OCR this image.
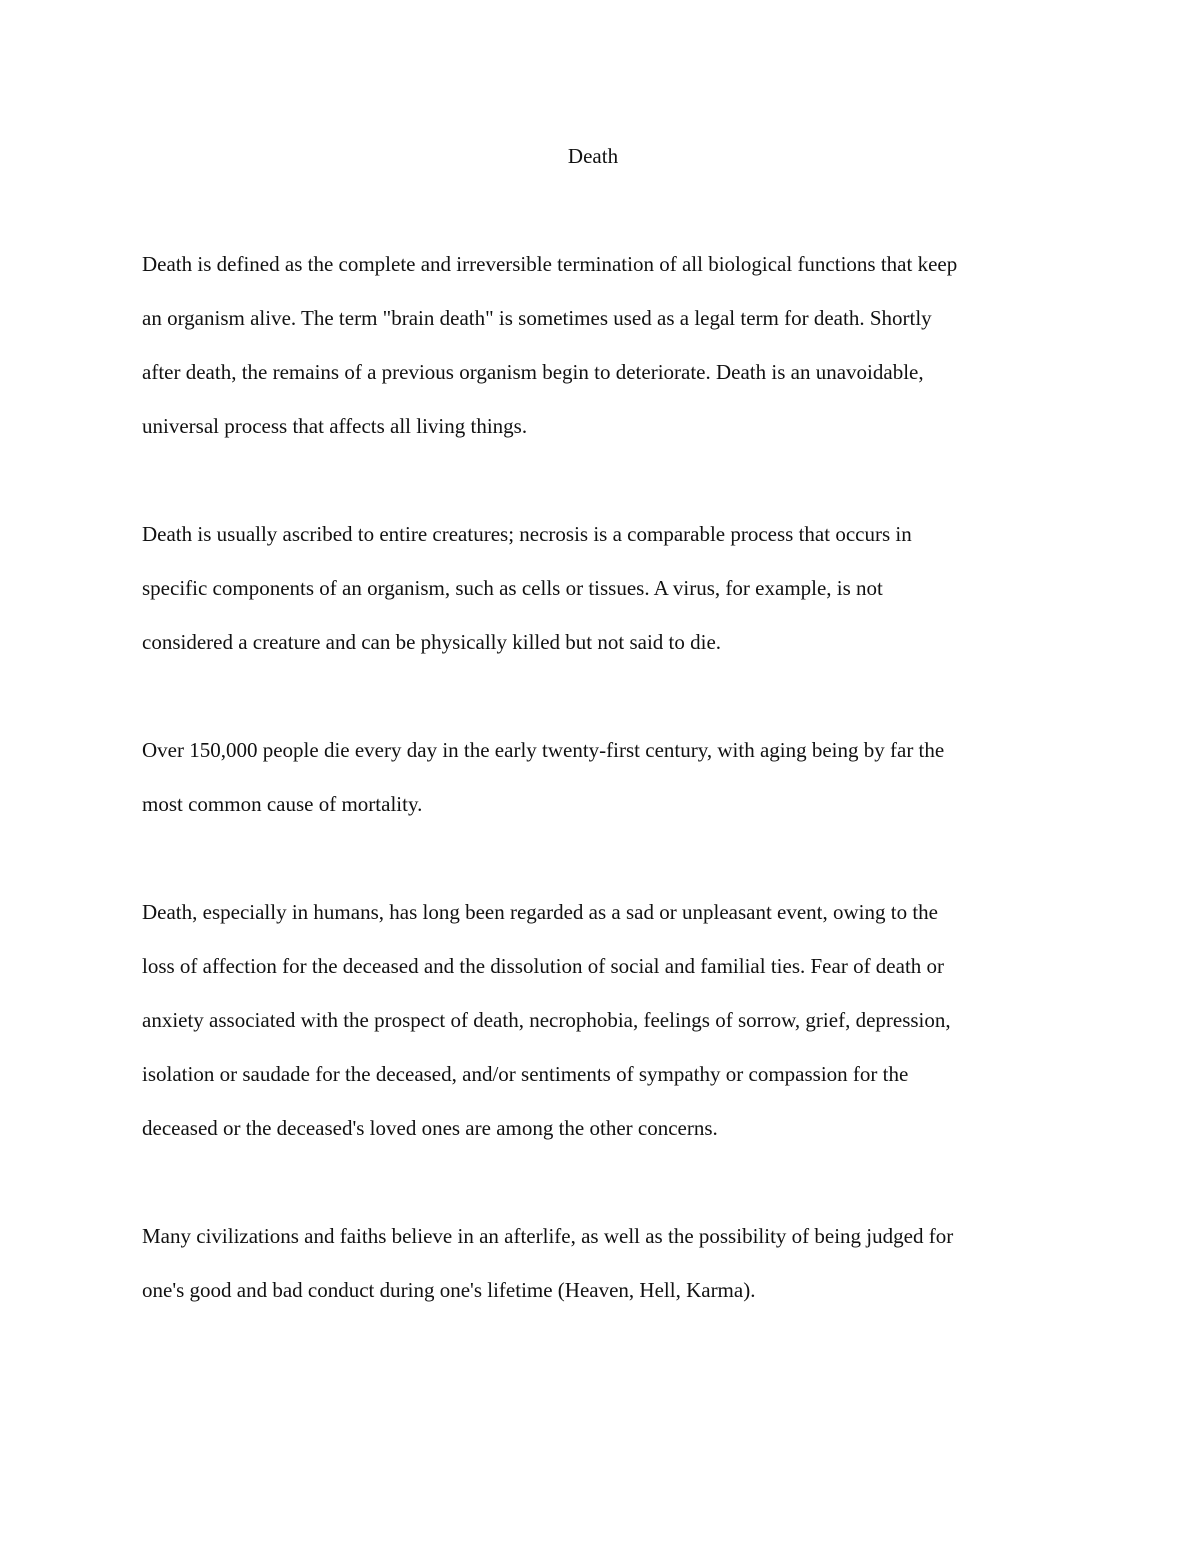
Death

Death is defined as the complete and irreversible termination of all biological functions that keep
an organism alive. The term "brain death" is sometimes used as a legal term for death. Shortly
after death, the remains of a previous organism begin to deteriorate. Death is an unavoidable,
universal process that affects all living things.

Death is usually ascribed to entire creatures; necrosis is a comparable process that occurs in
specific components of an organism, such as cells or tissues. A virus, for example, is not
considered a creature and can be physically killed but not said to die.

Over 150,000 people die every day in the early twenty-first century, with aging being by far the
most common cause of mortality.

Death, especially in humans, has long been regarded as a sad or unpleasant event, owing to the
loss of affection for the deceased and the dissolution of social and familial ties. Fear of death or
anxiety associated with the prospect of death, necrophobia, feelings of sorrow, grief, depression,
isolation or saudade for the deceased, and/or sentiments of sympathy or compassion for the
deceased or the deceased's loved ones are among the other concerns.

Many civilizations and faiths believe in an afterlife, as well as the possibility of being judged for
one's good and bad conduct during one's lifetime (Heaven, Hell, Karma).
